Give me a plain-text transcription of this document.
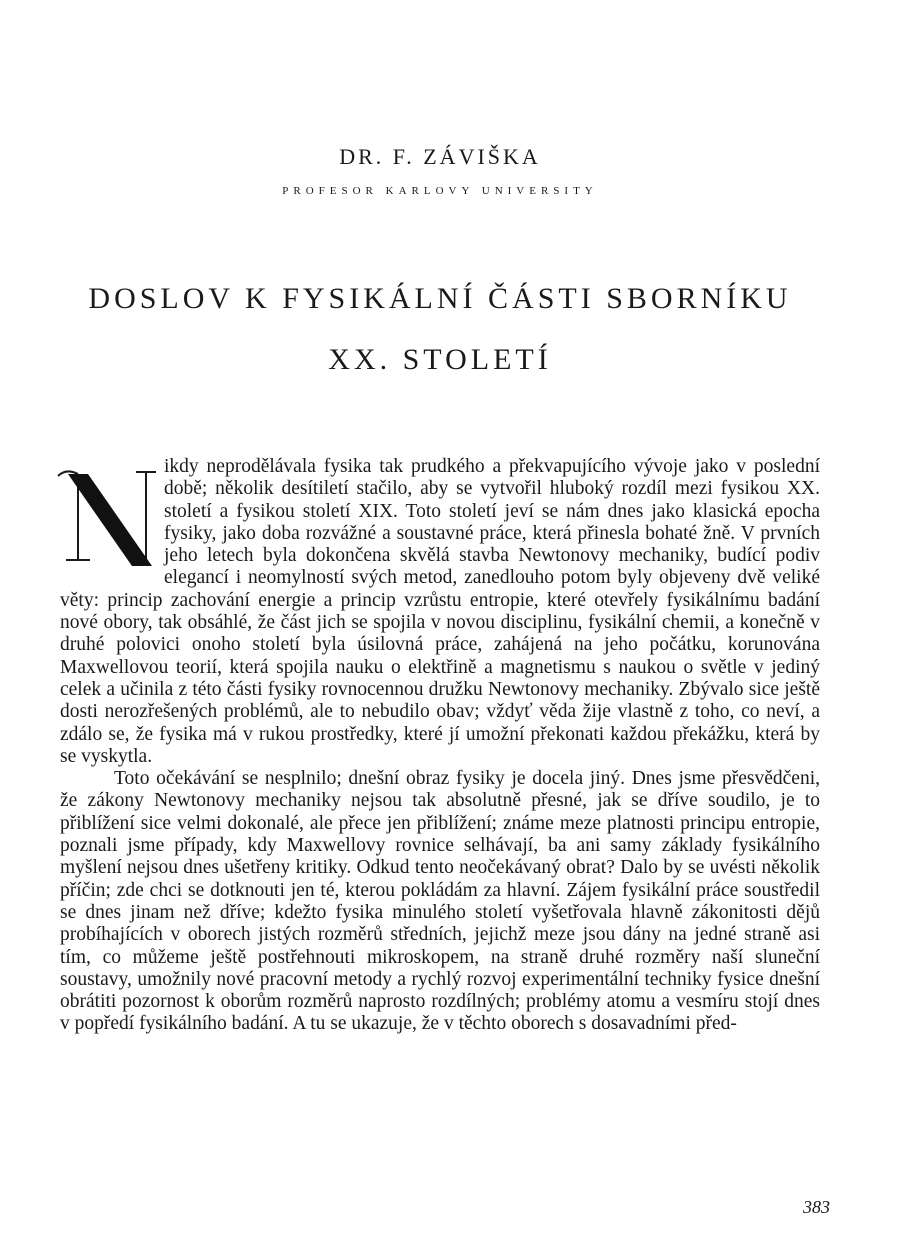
DR. F. ZÁVIŠKA
PROFESOR KARLOVY UNIVERSITY
DOSLOV K FYSIKÁLNÍ ČÁSTI SBORNÍKU
XX. STOLETÍ

ikdy neprodělávala fysika tak prudkého a překvapujícího vývoje jako v poslední době; několik desítiletí stačilo, aby se vytvořil hluboký rozdíl mezi fysikou XX. století a fysikou století XIX. Toto století jeví se nám dnes jako klasická epocha fysiky, jako doba rozvážné a soustavné práce, která přinesla bohaté žně. V prvních jeho letech byla dokončena skvělá stavba Newtonovy mechaniky, budící podiv elegancí i neomylností svých metod, zanedlouho potom byly objeveny dvě veliké věty: princip zachování energie a princip vzrůstu entropie, které otevřely fysikálnímu badání nové obory, tak obsáhlé, že část jich se spojila v novou disciplinu, fysikální chemii, a konečně v druhé polovici onoho století byla úsilovná práce, zahájená na jeho počátku, korunována Maxwellovou teorií, která spojila nauku o elektřině a magnetismu s naukou o světle v jediný celek a učinila z této části fysiky rovnocennou družku Newtonovy mechaniky. Zbývalo sice ještě dosti nerozřešených problémů, ale to nebudilo obav; vždyť věda žije vlastně z toho, co neví, a zdálo se, že fysika má v rukou prostředky, které jí umožní překonati každou překážku, která by se vyskytla.

Toto očekávání se nesplnilo; dnešní obraz fysiky je docela jiný. Dnes jsme přesvědčeni, že zákony Newtonovy mechaniky nejsou tak absolutně přesné, jak se dříve soudilo, je to přiblížení sice velmi dokonalé, ale přece jen přiblížení; známe meze platnosti principu entropie, poznali jsme případy, kdy Maxwellovy rovnice selhávají, ba ani samy základy fysikálního myšlení nejsou dnes ušetřeny kritiky. Odkud tento neočekávaný obrat? Dalo by se uvésti několik příčin; zde chci se dotknouti jen té, kterou pokládám za hlavní. Zájem fysikální práce soustředil se dnes jinam než dříve; kdežto fysika minulého století vyšetřovala hlavně zákonitosti dějů probíhajících v oborech jistých rozměrů středních, jejichž meze jsou dány na jedné straně asi tím, co můžeme ještě postřehnouti mikroskopem, na straně druhé rozměry naší sluneční soustavy, umožnily nové pracovní metody a rychlý rozvoj experimentální techniky fysice dnešní obrátiti pozornost k oborům rozměrů naprosto rozdílných; problémy atomu a vesmíru stojí dnes v popředí fysikálního badání. A tu se ukazuje, že v těchto oborech s dosavadními před-

383
